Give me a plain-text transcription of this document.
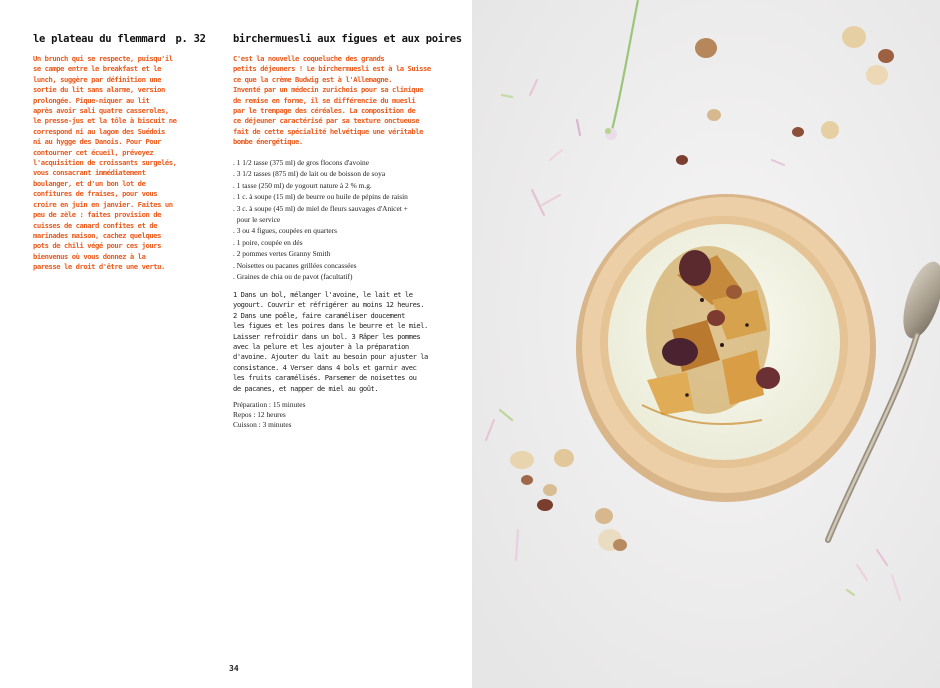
le plateau du flemmard p. 32
Un brunch qui se respecte, puisqu'il
se campe entre le breakfast et le
lunch, suggère par définition une
sortie du lit sans alarme, version
prolongée. Pique-niquer au lit
après avoir sali quatre casseroles,
le presse-jus et la tôle à biscuit ne
correspond ni au lagom des Suédois
ni au hygge des Danois. Pour Pour
contourner cet écueil, prévoyez
l'acquisition de croissants surgelés,
vous consacrant immédiatement
boulanger, et d'un bon lot de
confitures de fraises, pour vous
croire en juin en janvier. Faites un
peu de zèle : faites provision de
cuisses de canard confites et de
marinades maison, cachez quelques
pots de chili végé pour ces jours
bienvenus où vous donnez à la
paresse le droit d'être une vertu.
birchermuesli aux figues et aux poires
C'est la nouvelle coqueluche des grands
petits déjeuners ! Le birchermuesli est à la Suisse
ce que la crème Budwig est à l'Allemagne.
Inventé par un médecin zurichois pour sa clinique
de remise en forme, il se différencie du muesli
par le trempage des céréales. La composition de
ce déjeuner caractérisé par sa texture onctueuse
fait de cette spécialité helvétique une véritable
bombe énergétique.
. 1 1/2 tasse (375 ml) de gros flocons d'avoine
. 3 1/2 tasses (875 ml) de lait ou de boisson de soya
. 1 tasse (250 ml) de yogourt nature à 2 % m.g.
. 1 c. à soupe (15 ml) de beurre ou huile de pépins de raisin
. 3 c. à soupe (45 ml) de miel de fleurs sauvages d'Anicet +
pour le service
. 3 ou 4 figues, coupées en quarters
. 1 poire, coupée en dés
. 2 pommes vertes Granny Smith
. Noisettes ou pacanes grillées concassées
. Graines de chia ou de pavot (facultatif)
1 Dans un bol, mélanger l'avoine, le lait et le
yogourt. Couvrir et réfrigérer au moins 12 heures.
2 Dans une poêle, faire caraméliser doucement
les figues et les poires dans le beurre et le miel.
Laisser refroidir dans un bol. 3 Râper les pommes
avec la pelure et les ajouter à la préparation
d'avoine. Ajouter du lait au besoin pour ajuster la
consistance. 4 Verser dans 4 bols et garnir avec
les fruits caramélisés. Parsemer de noisettes ou
de pacanes, et napper de miel au goût.
Préparation : 15 minutes
Repos : 12 heures
Cuisson : 3 minutes
34
